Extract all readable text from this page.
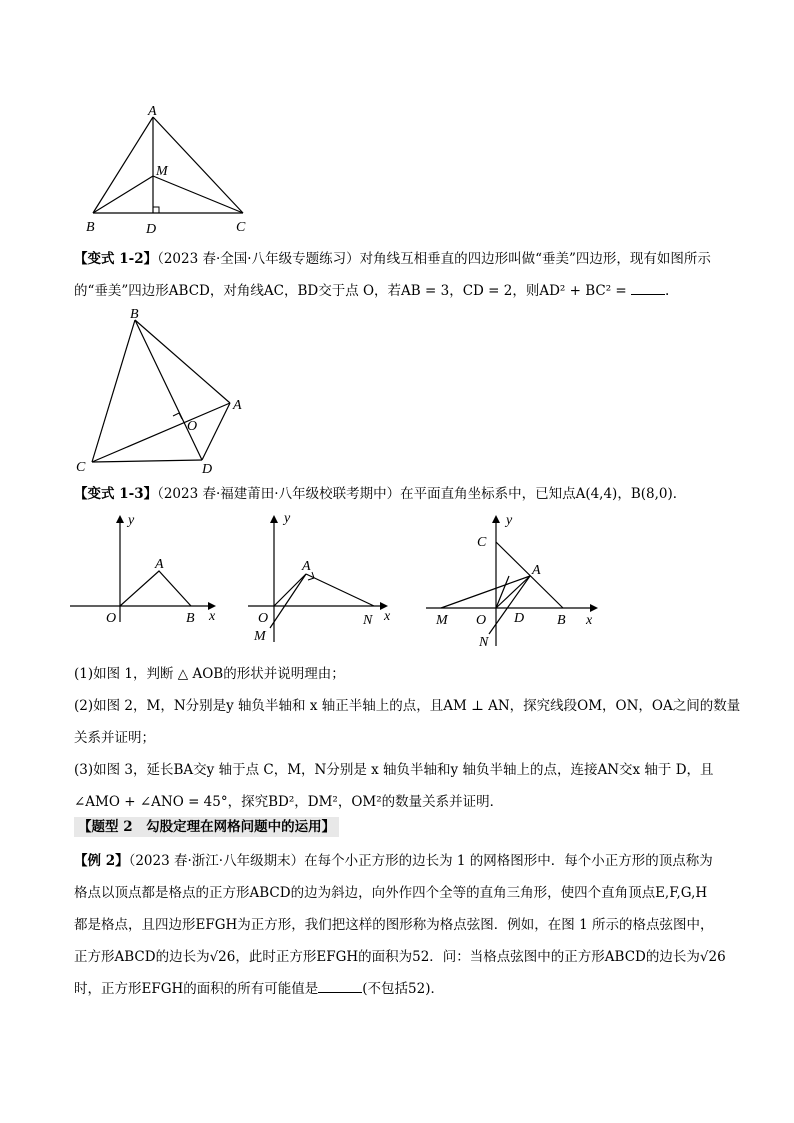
A
M
B	D	C

【变式 1-2】（2023 春·全国·八年级专题练习）对角线互相垂直的四边形叫做“垂美”四边形，现有如图所示

的“垂美”四边形ABCD，对角线AC，BD交于点 O，若AB = 3，CD = 2，则AD² + BC² =	.

B
A
O
C	D

【变式 1-3】（2023 春·福建莆田·八年级校联考期中）在平面直角坐标系中，已知点A(4,4)，B(8,0)．

y
x
A
O	B
y
x
A
O
M
N
y
x
C
A
M O D B
N

(1)如图 1，判断 △ AOB的形状并说明理由；

(2)如图 2，M，N分别是y 轴负半轴和 x 轴正半轴上的点，且AM ⊥ AN，探究线段OM，ON，OA之间的数量

关系并证明；

(3)如图 3，延长BA交y 轴于点 C，M，N分别是 x 轴负半轴和y 轴负半轴上的点，连接AN交x 轴于 D，且

∠AMO + ∠ANO = 45°，探究BD²，DM²，OM²的数量关系并证明．

【题型 2　勾股定理在网格问题中的运用】

【例 2】（2023 春·浙江·八年级期末）在每个小正方形的边长为 1 的网格图形中．每个小正方形的顶点称为

格点以顶点都是格点的正方形ABCD的边为斜边，向外作四个全等的直角三角形，使四个直角顶点E,F,G,H

都是格点，且四边形EFGH为正方形，我们把这样的图形称为格点弦图．例如，在图 1 所示的格点弦图中，

正方形ABCD的边长为√26，此时正方形EFGH的面积为52．问：当格点弦图中的正方形ABCD的边长为√26

时，正方形EFGH的面积的所有可能值是	(不包括52)．
